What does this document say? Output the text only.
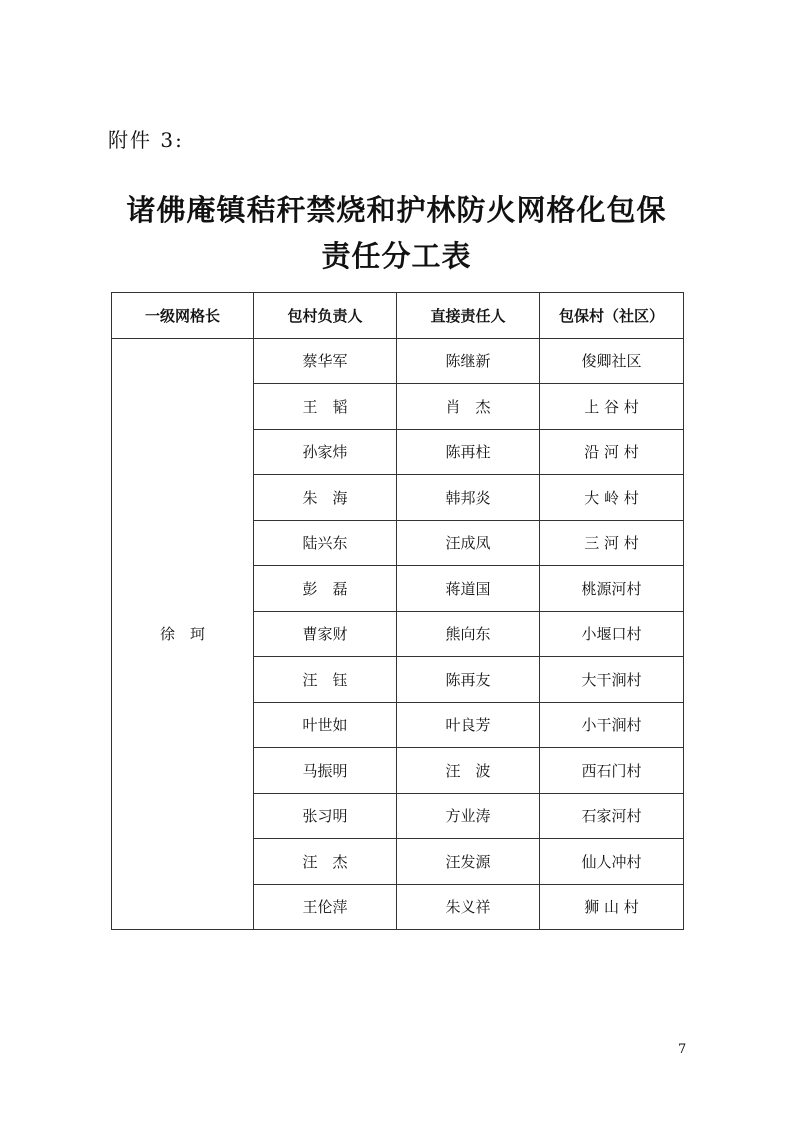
附件 3:
诸佛庵镇秸秆禁烧和护林防火网格化包保
责任分工表
一级网格长	包村负责人	直接责任人	包保村（社区）
徐　珂	蔡华军	陈继新	俊卿社区
	王　韬	肖　杰	上 谷 村
	孙家炜	陈再柱	沿 河 村
	朱　海	韩邦炎	大 岭 村
	陆兴东	汪成凤	三 河 村
	彭　磊	蒋道国	桃源河村
	曹家财	熊向东	小堰口村
	汪　钰	陈再友	大干涧村
	叶世如	叶良芳	小干涧村
	马振明	汪　波	西石门村
	张习明	方业涛	石家河村
	汪　杰	汪发源	仙人冲村
	王伦萍	朱义祥	狮 山 村
7
